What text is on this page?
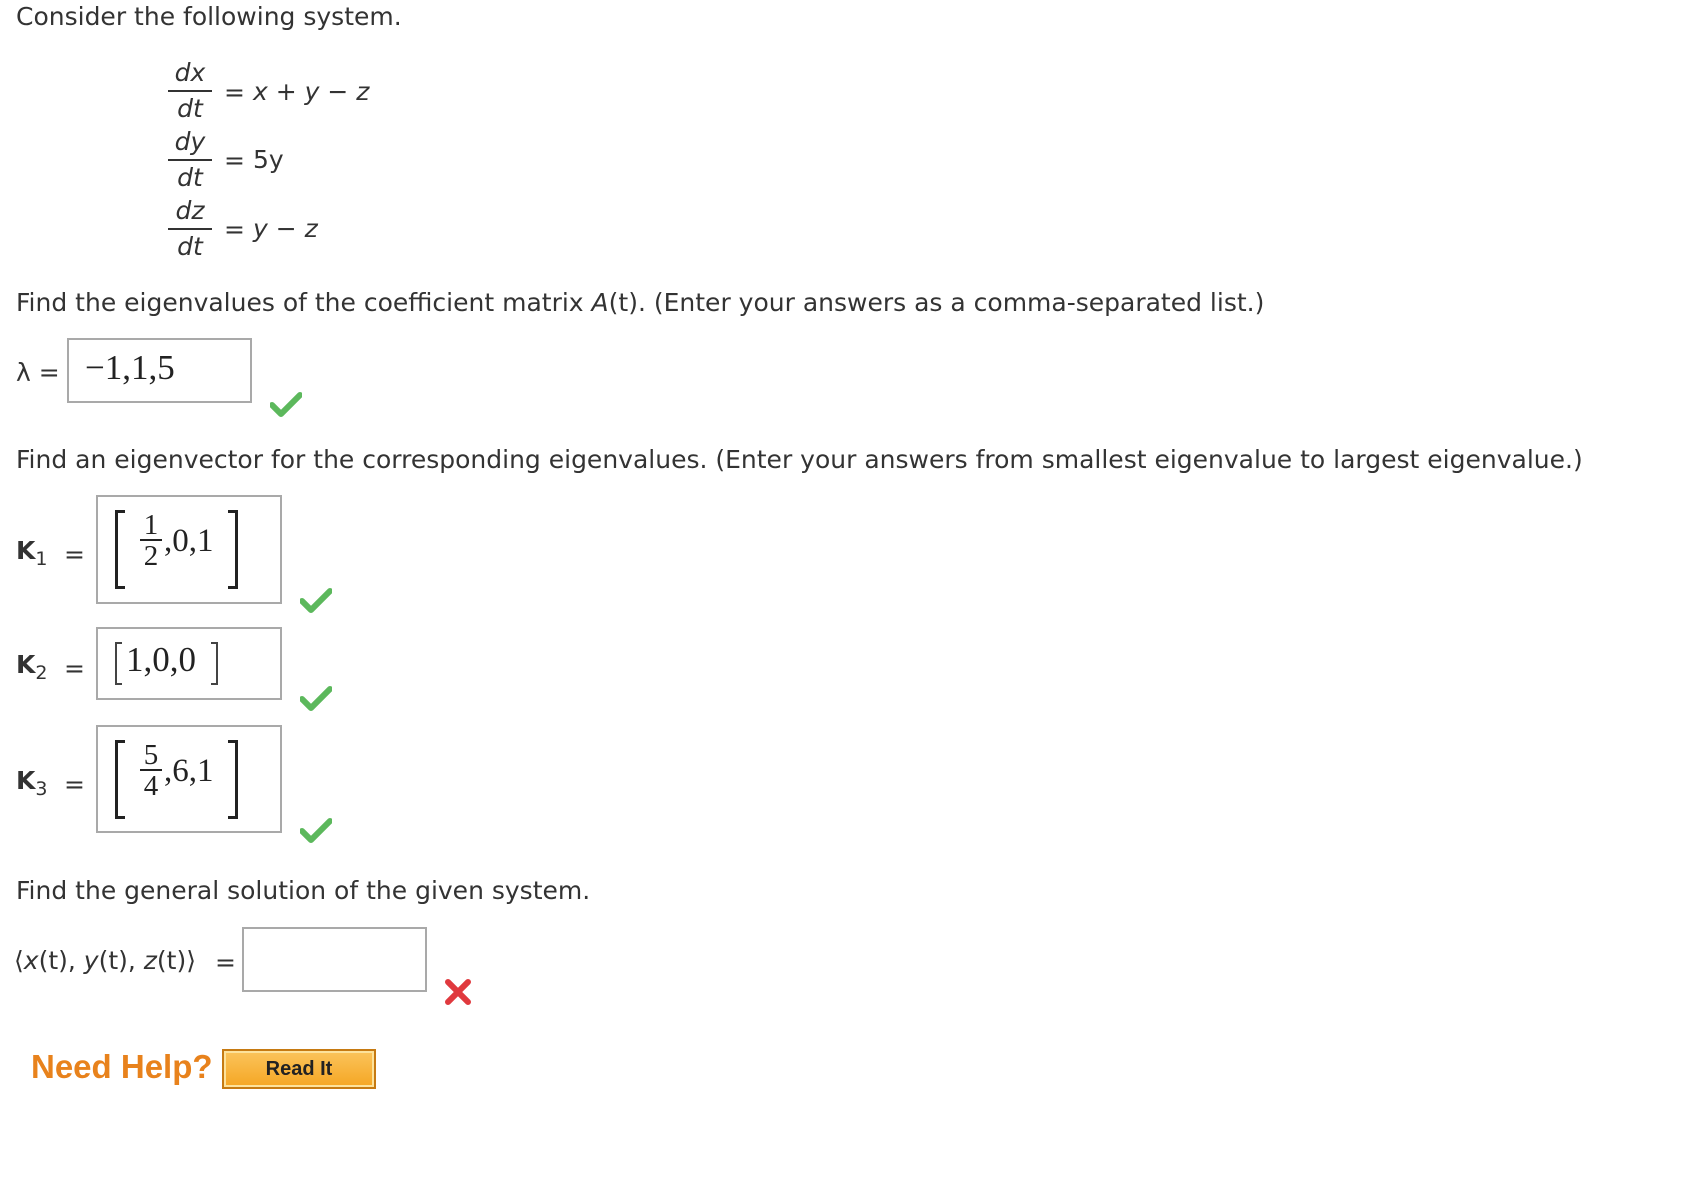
Consider the following system.
dx
dt
= x + y − z
dy
dt
= 5y
dz
dt
= y − z
Find the eigenvalues of the coefficient matrix A(t). (Enter your answers as a comma-separated list.)
λ = −1,1,5
Find an eigenvector for the corresponding eigenvalues. (Enter your answers from smallest eigenvalue to largest eigenvalue.)
$K_1$ =
1
2 ,0,1
$K_2 = 1,0,0$
$K_3$ =
5
4 ,6,1
Find the general solution of the given system.
⟨x(t), y(t), z(t)⟩ =
Need Help?	Read It
